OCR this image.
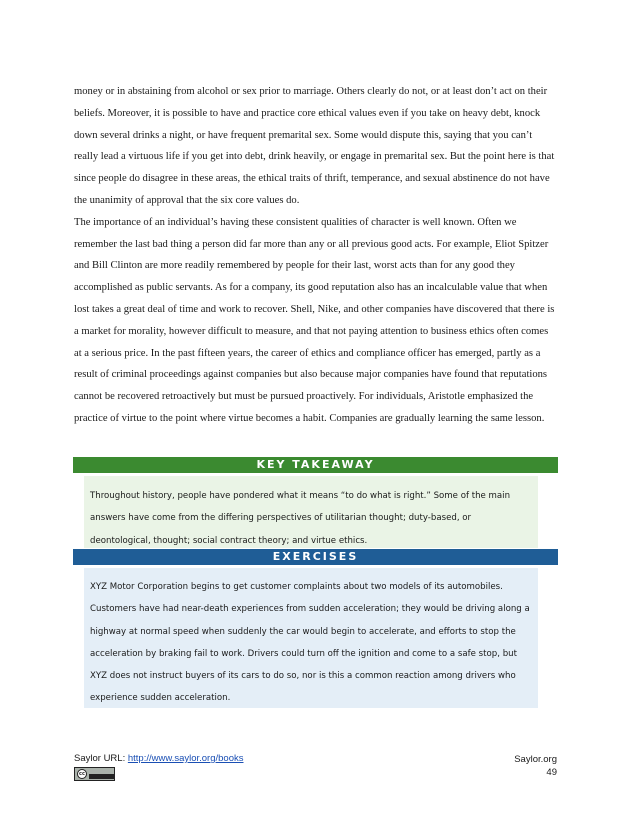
money or in abstaining from alcohol or sex prior to marriage. Others clearly do not, or at least don’t act on their beliefs. Moreover, it is possible to have and practice core ethical values even if you take on heavy debt, knock down several drinks a night, or have frequent premarital sex. Some would dispute this, saying that you can’t really lead a virtuous life if you get into debt, drink heavily, or engage in premarital sex. But the point here is that since people do disagree in these areas, the ethical traits of thrift, temperance, and sexual abstinence do not have the unanimity of approval that the six core values do.

The importance of an individual’s having these consistent qualities of character is well known. Often we remember the last bad thing a person did far more than any or all previous good acts. For example, Eliot Spitzer and Bill Clinton are more readily remembered by people for their last, worst acts than for any good they accomplished as public servants. As for a company, its good reputation also has an incalculable value that when lost takes a great deal of time and work to recover. Shell, Nike, and other companies have discovered that there is a market for morality, however difficult to measure, and that not paying attention to business ethics often comes at a serious price. In the past fifteen years, the career of ethics and compliance officer has emerged, partly as a result of criminal proceedings against companies but also because major companies have found that reputations cannot be recovered retroactively but must be pursued proactively. For individuals, Aristotle emphasized the practice of virtue to the point where virtue becomes a habit. Companies are gradually learning the same lesson.

KEY TAKEAWAY

Throughout history, people have pondered what it means “to do what is right.” Some of the main answers have come from the differing perspectives of utilitarian thought; duty-based, or deontological, thought; social contract theory; and virtue ethics.

EXERCISES

XYZ Motor Corporation begins to get customer complaints about two models of its automobiles. Customers have had near-death experiences from sudden acceleration; they would be driving along a highway at normal speed when suddenly the car would begin to accelerate, and efforts to stop the acceleration by braking fail to work. Drivers could turn off the ignition and come to a safe stop, but XYZ does not instruct buyers of its cars to do so, nor is this a common reaction among drivers who experience sudden acceleration.

Saylor URL: http://www.saylor.org/books
cc
Saylor.org
49
